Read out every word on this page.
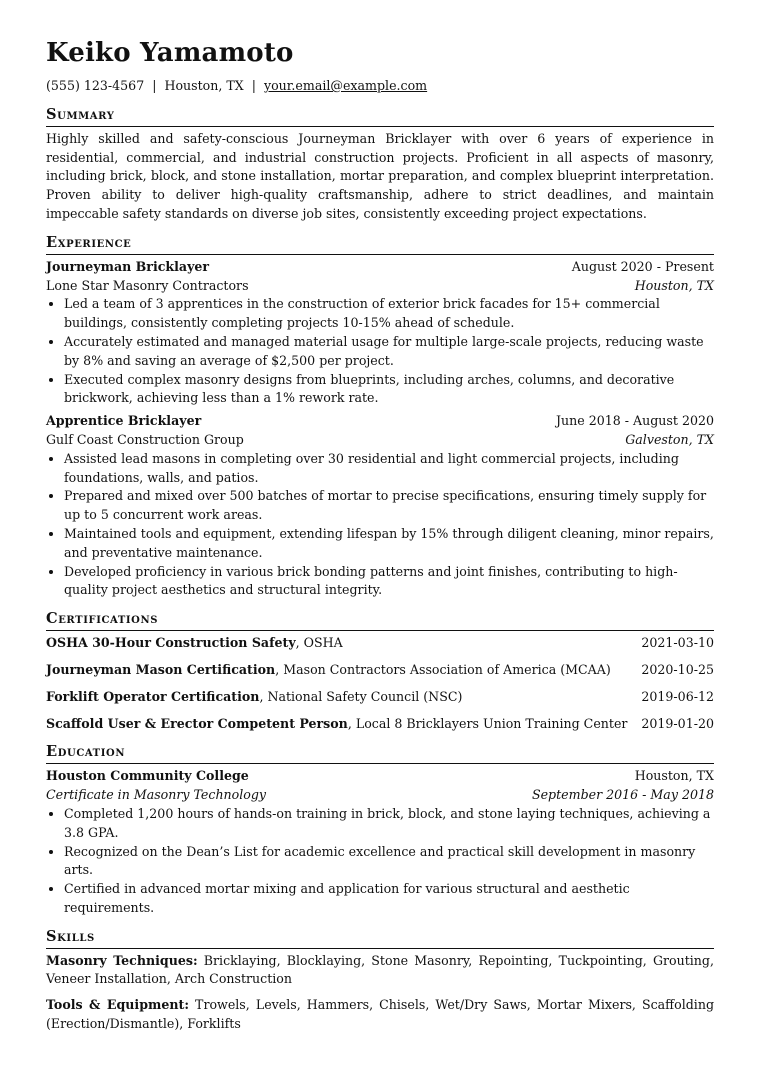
Keiko Yamamoto
(555) 123-4567 | Houston, TX | your.email@example.com
Summary

Highly skilled and safety-conscious Journeyman Bricklayer with over 6 years of experience in residential, commercial, and industrial construction projects. Proficient in all aspects of masonry, including brick, block, and stone installation, mortar preparation, and complex blueprint interpretation. Proven ability to deliver high-quality craftsmanship, adhere to strict deadlines, and maintain impeccable safety standards on diverse job sites, consistently exceeding project expectations.

Experience
Journeyman Bricklayer	August 2020 - Present
Lone Star Masonry Contractors	Houston, TX
• Led a team of 3 apprentices in the construction of exterior brick facades for 15+ commercial buildings, consistently completing projects 10-15% ahead of schedule.
• Accurately estimated and managed material usage for multiple large-scale projects, reducing waste by 8% and saving an average of $2,500 per project.
• Executed complex masonry designs from blueprints, including arches, columns, and decorative brickwork, achieving less than a 1% rework rate.
Apprentice Bricklayer	June 2018 - August 2020
Gulf Coast Construction Group	Galveston, TX
• Assisted lead masons in completing over 30 residential and light commercial projects, including foundations, walls, and patios.
• Prepared and mixed over 500 batches of mortar to precise specifications, ensuring timely supply for up to 5 concurrent work areas.
• Maintained tools and equipment, extending lifespan by 15% through diligent cleaning, minor repairs, and preventative maintenance.
• Developed proficiency in various brick bonding patterns and joint finishes, contributing to high-quality project aesthetics and structural integrity.
Certifications
OSHA 30-Hour Construction Safety, OSHA	2021-03-10
Journeyman Mason Certification, Mason Contractors Association of America (MCAA) 2020-10-25
Forklift Operator Certification, National Safety Council (NSC)	2019-06-12
Scaffold User & Erector Competent Person, Local 8 Bricklayers Union Training Center 2019-01-20
Education
Houston Community College	Houston, TX
Certificate in Masonry Technology	September 2016 - May 2018
• Completed 1,200 hours of hands-on training in brick, block, and stone laying techniques, achieving a 3.8 GPA.
• Recognized on the Dean’s List for academic excellence and practical skill development in masonry arts.
• Certified in advanced mortar mixing and application for various structural and aesthetic requirements.
Skills
Masonry Techniques: Bricklaying, Blocklaying, Stone Masonry, Repointing, Tuckpointing, Grouting, Veneer Installation, Arch Construction
Tools & Equipment: Trowels, Levels, Hammers, Chisels, Wet/Dry Saws, Mortar Mixers, Scaffolding (Erection/Dismantle), Forklifts
